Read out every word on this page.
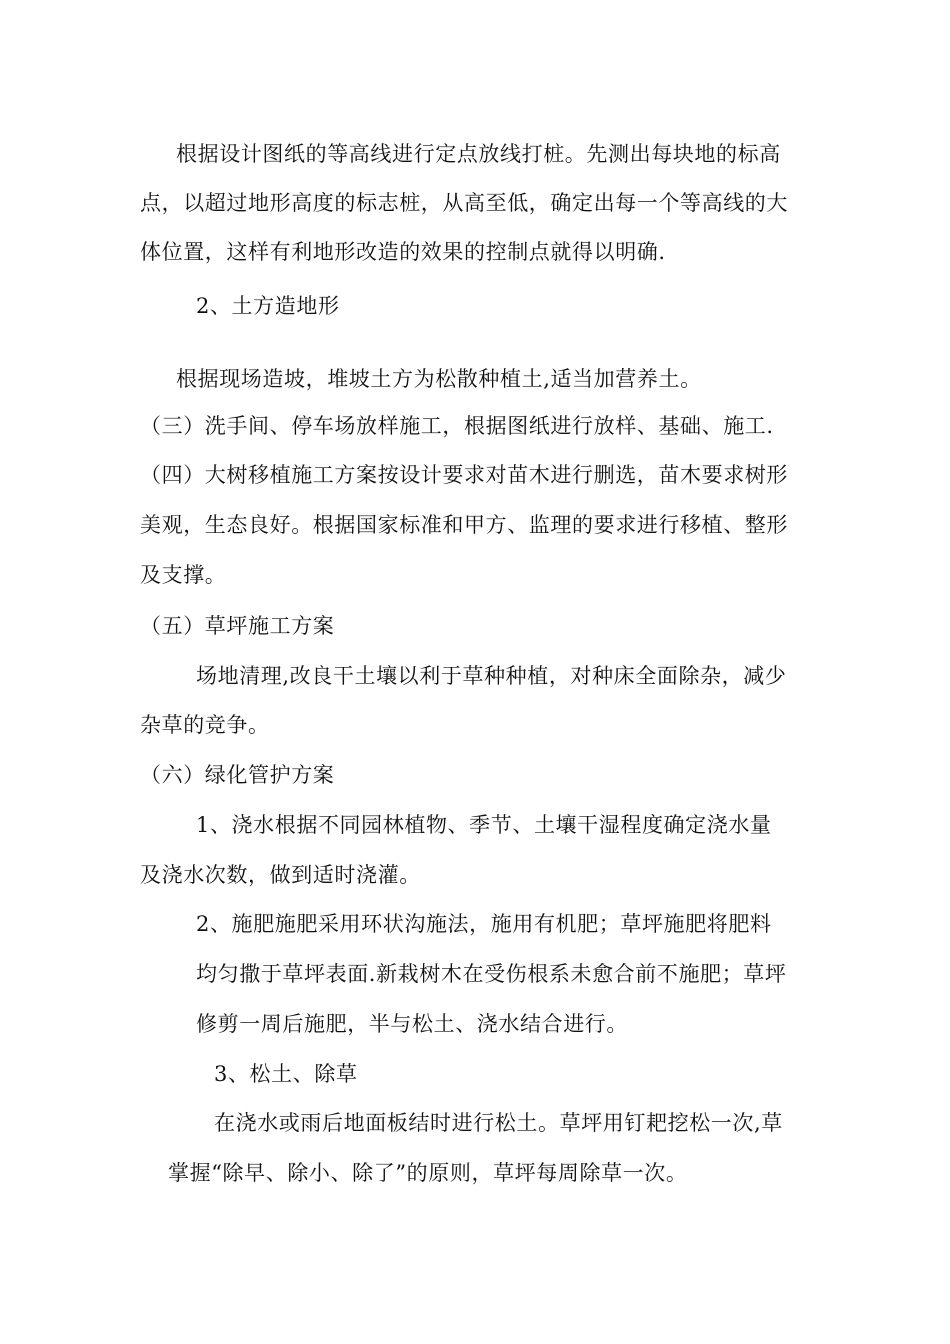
根据设计图纸的等高线进行定点放线打桩。先测出每块地的标高
点，以超过地形高度的标志桩，从高至低，确定出每一个等高线的大
体位置，这样有利地形改造的效果的控制点就得以明确.
2、土方造地形
根据现场造坡，堆坡土方为松散种植土,适当加营养土。
（三）洗手间、停车场放样施工，根据图纸进行放样、基础、施工.
（四）大树移植施工方案按设计要求对苗木进行删选，苗木要求树形
美观，生态良好。根据国家标准和甲方、监理的要求进行移植、整形
及支撑。
（五）草坪施工方案
场地清理,改良干土壤以利于草种种植，对种床全面除杂，减少
杂草的竞争。
（六）绿化管护方案
1、浇水根据不同园林植物、季节、土壤干湿程度确定浇水量
及浇水次数，做到适时浇灌。
2、施肥施肥采用环状沟施法，施用有机肥；草坪施肥将肥料
均匀撒于草坪表面.新栽树木在受伤根系未愈合前不施肥；草坪
修剪一周后施肥，半与松土、浇水结合进行。
3、松土、除草
在浇水或雨后地面板结时进行松土。草坪用钉耙挖松一次,草
掌握“除早、除小、除了”的原则，草坪每周除草一次。
